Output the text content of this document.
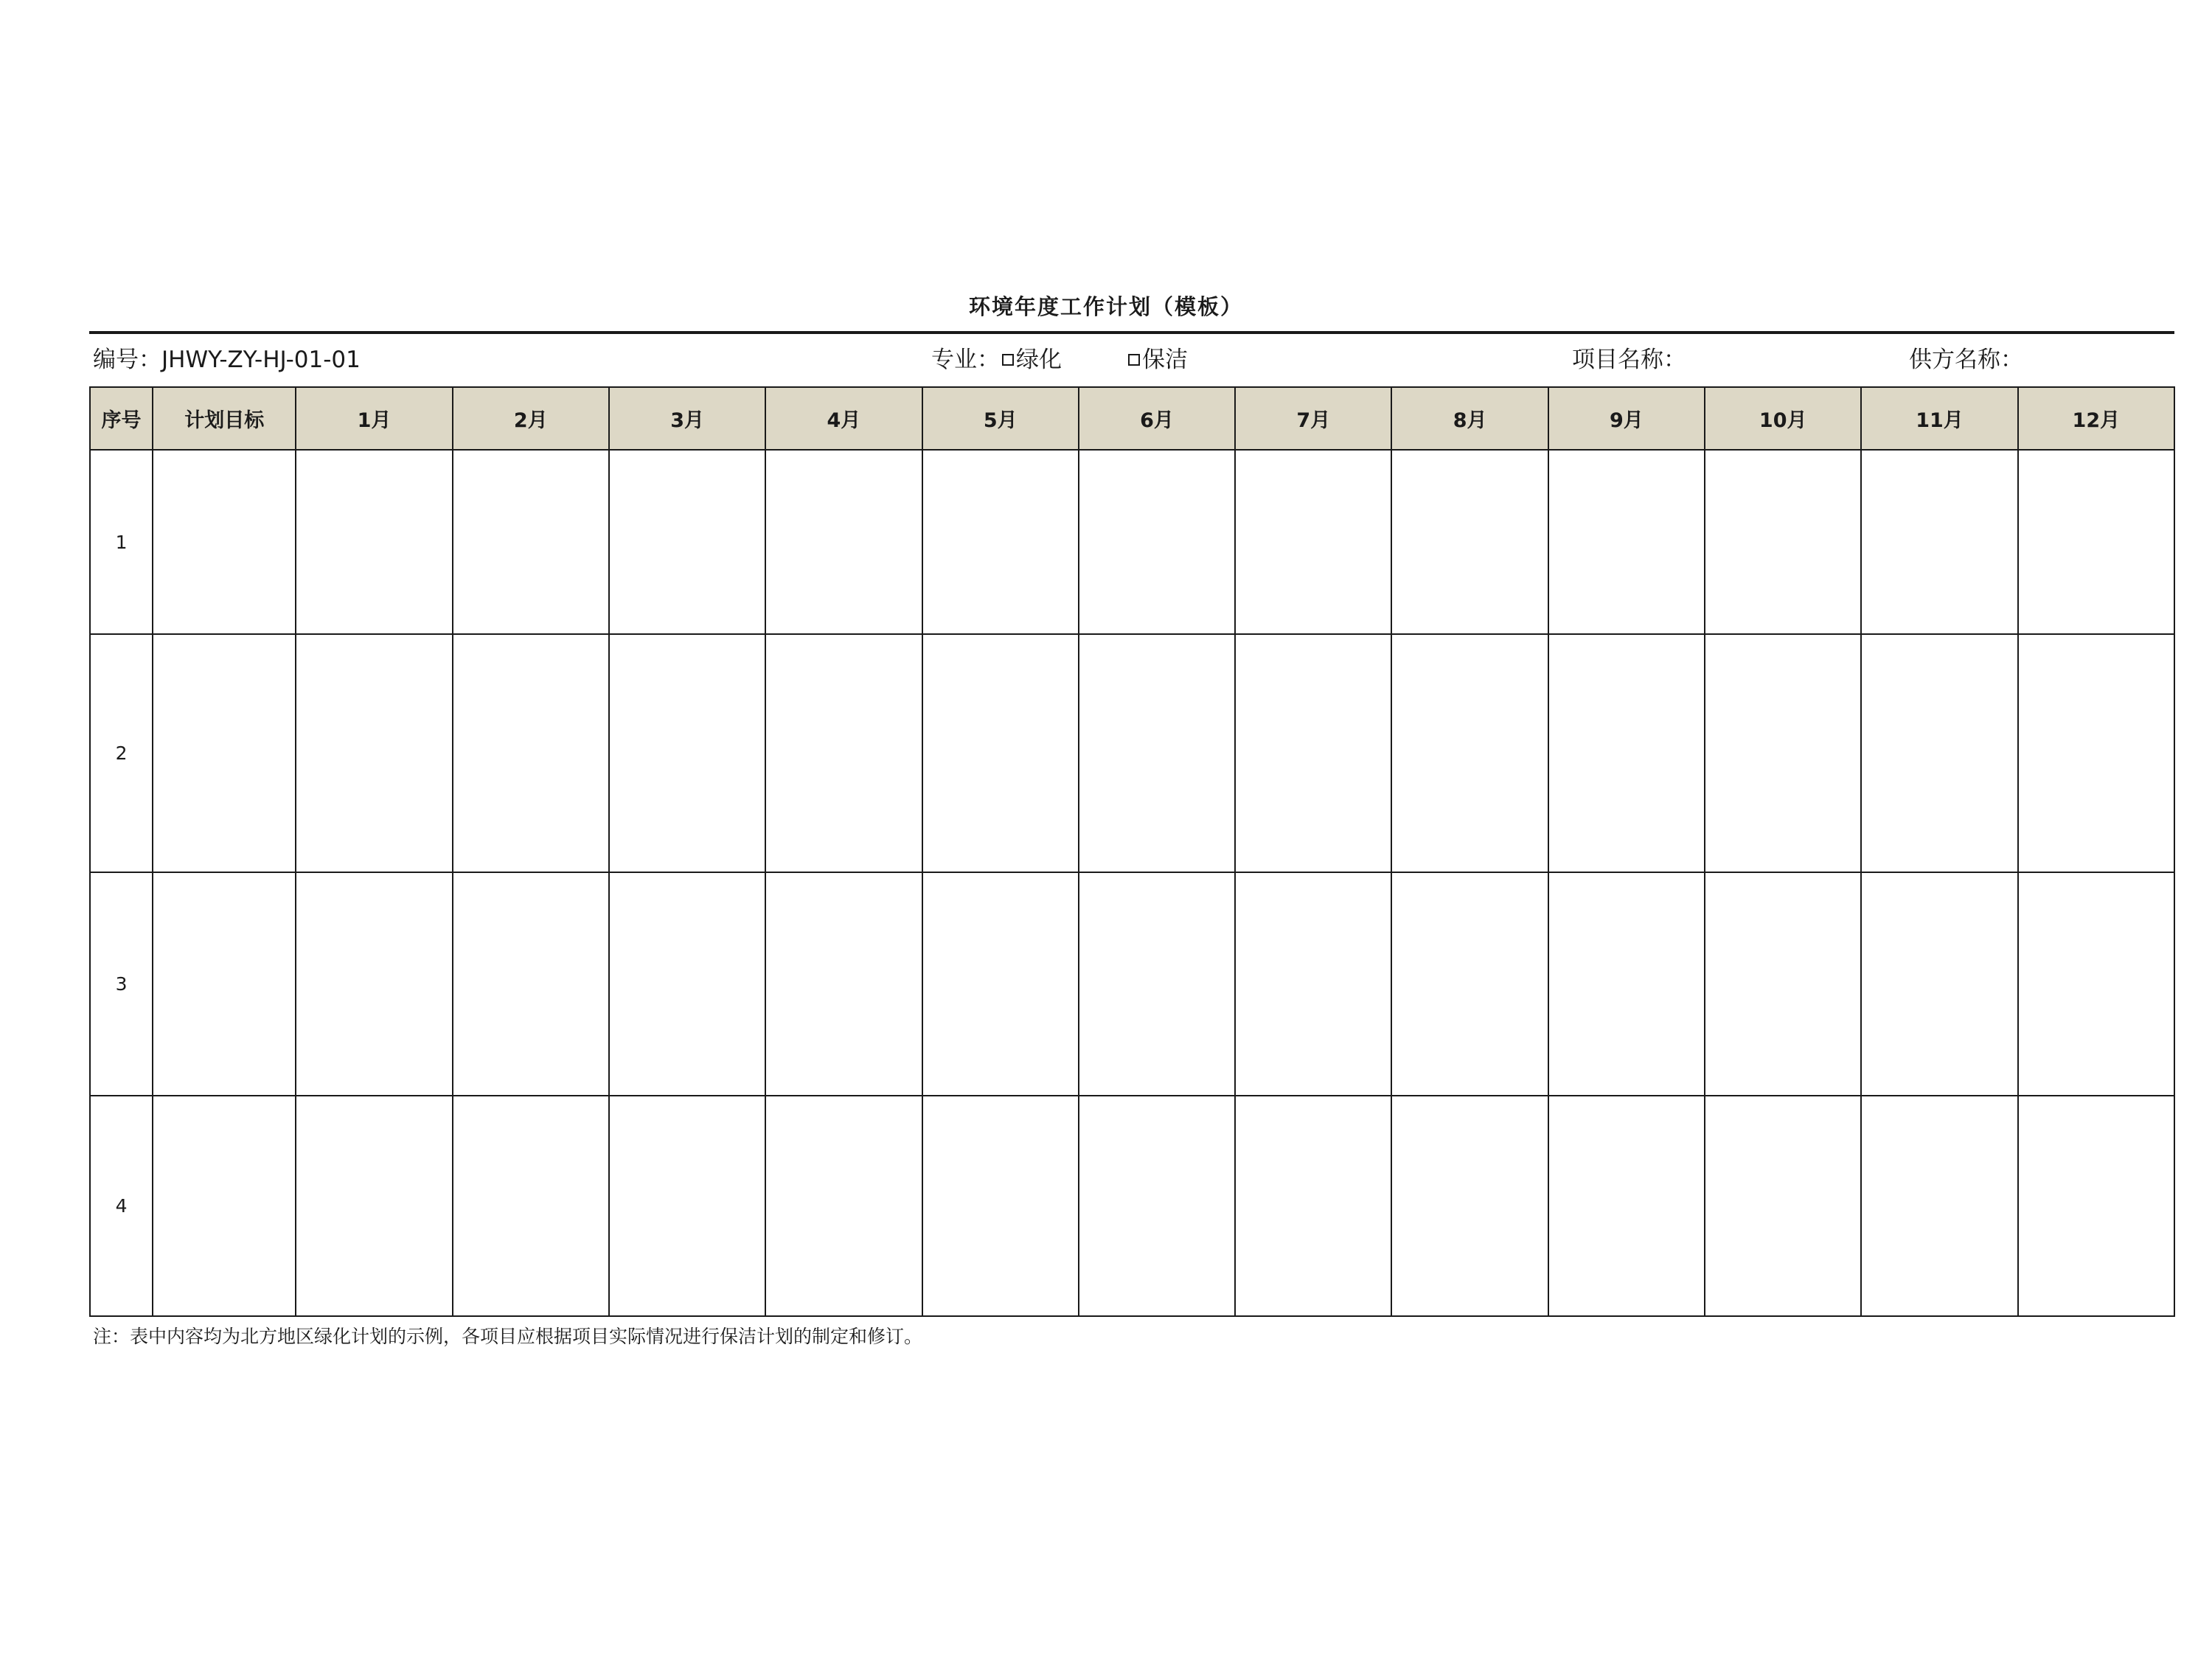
环境年度工作计划（模板）
编号：JHWY-ZY-HJ-01-01	专业： 绿化	保洁	项目名称：	供方名称：
序号	计划目标	1月	2月	3月	4月	5月	6月	7月	8月	9月	10月	11月	12月
1													
2													
3													
4													
注：表中内容均为北方地区绿化计划的示例，各项目应根据项目实际情况进行保洁计划的制定和修订。
